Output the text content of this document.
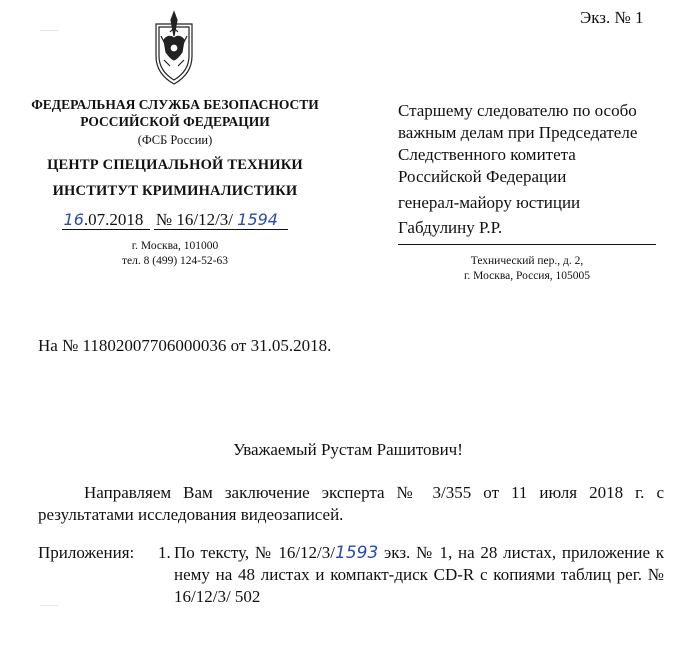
Экз. № 1
ФЕДЕРАЛЬНАЯ СЛУЖБА БЕЗОПАСНОСТИ
РОССИЙСКОЙ ФЕДЕРАЦИИ
(ФСБ России)
ЦЕНТР СПЕЦИАЛЬНОЙ ТЕХНИКИ
ИНСТИТУТ КРИМИНАЛИСТИКИ
16.07.2018 № 16/12/3/ 1594
г. Москва, 101000
тел. 8 (499) 124-52-63
Старшему следователю по особо
важным делам при Председателе
Следственного комитета
Российской Федерации
генерал-майору юстиции
Габдулину Р.Р.
Технический пер., д. 2,
г. Москва, Россия, 105005
На № 11802007706000036 от 31.05.2018.
Уважаемый Рустам Рашитович!
Направляем Вам заключение эксперта № 3/355 от 11 июля 2018 г. с результатами исследования видеозаписей.
Приложения: 1. По тексту, № 16/12/3/1593 экз. № 1, на 28 листах, приложение к нему на 48 листах и компакт-диск CD-R с копиями таблиц рег. № 16/12/3/ 502
